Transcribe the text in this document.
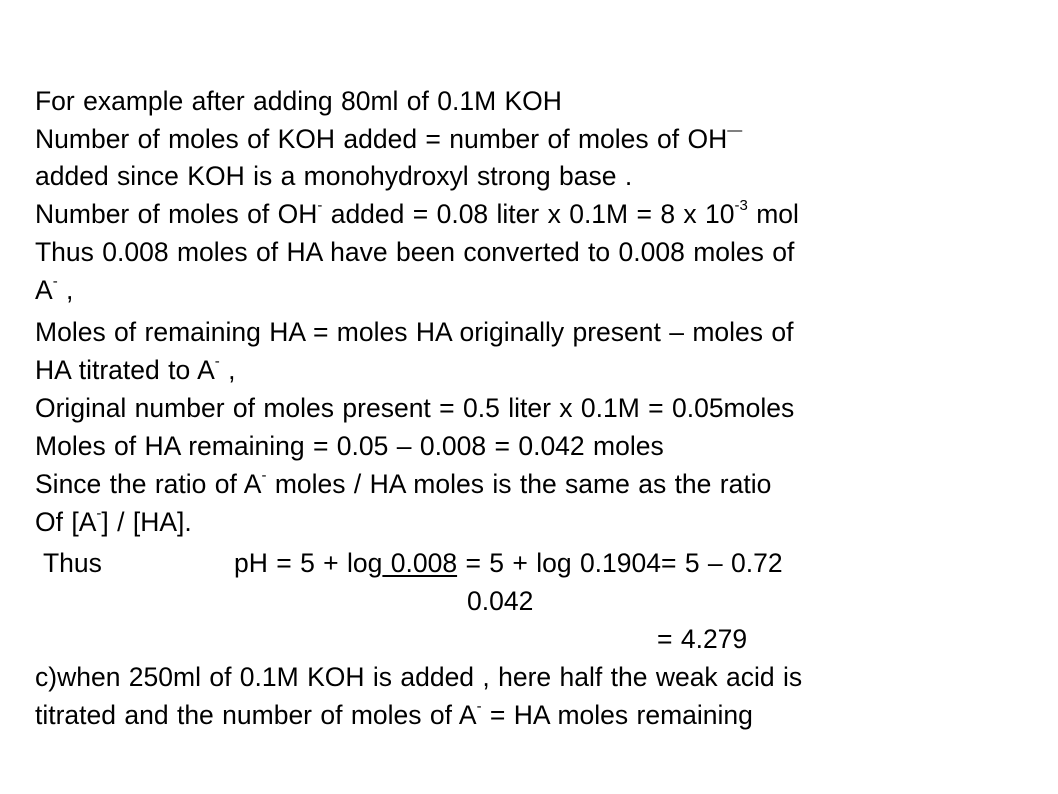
For example after adding 80ml of 0.1M KOH
Number of moles of KOH added = number of moles of OH—
added since KOH is a monohydroxyl strong base .
Number of moles of OH- added = 0.08 liter x 0.1M = 8 x $10^{-3}$ mol
Thus 0.008 moles of HA have been converted to 0.008 moles of
A- ,
Moles of remaining HA = moles HA originally present – moles of
HA titrated to A- ,
Original number of moles present = 0.5 liter x 0.1M = 0.05moles
Moles of HA remaining = 0.05 – 0.008 = 0.042 moles
Since the ratio of A- moles / HA moles is the same as the ratio
Of [A-] / [HA].
Thus	pH = 5 + log 0.008 = 5 + log 0.1904= 5 – 0.72
0.042
= 4.279
c)when 250ml of 0.1M KOH is added , here half the weak acid is
titrated and the number of moles of A- = HA moles remaining
